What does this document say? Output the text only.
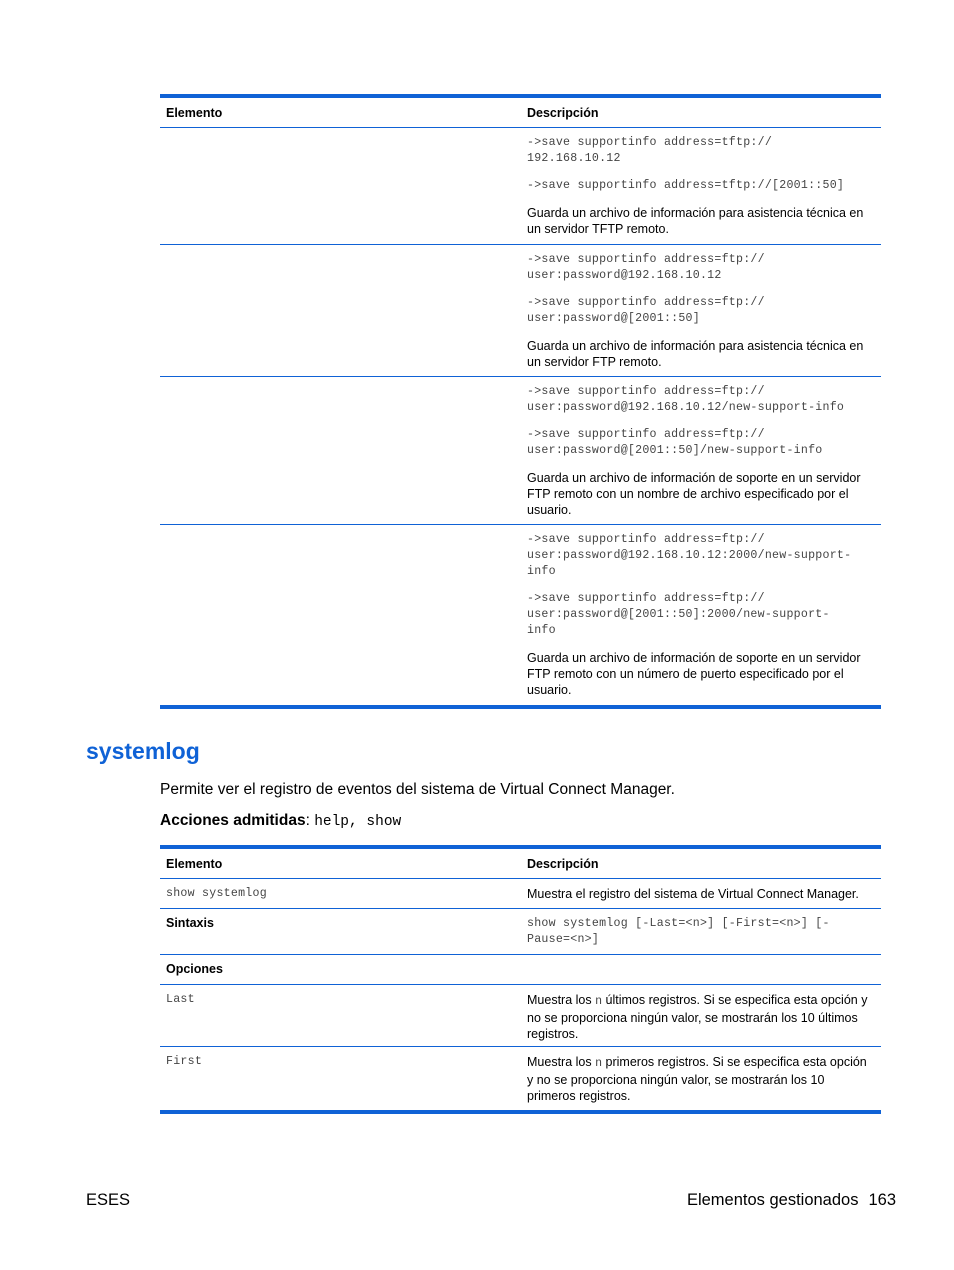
Elemento	Descripción

->save supportinfo address=tftp://
192.168.10.12

->save supportinfo address=tftp://[2001::50]

Guarda un archivo de información para asistencia técnica en un servidor TFTP remoto.

->save supportinfo address=ftp://
user:password@192.168.10.12

->save supportinfo address=ftp://
user:password@[2001::50]

Guarda un archivo de información para asistencia técnica en un servidor FTP remoto.

->save supportinfo address=ftp://
user:password@192.168.10.12/new-support-info

->save supportinfo address=ftp://
user:password@[2001::50]/new-support-info

Guarda un archivo de información de soporte en un servidor FTP remoto con un nombre de archivo especificado por el usuario.

->save supportinfo address=ftp://
user:password@192.168.10.12:2000/new-support-
info

->save supportinfo address=ftp://
user:password@[2001::50]:2000/new-support-
info

Guarda un archivo de información de soporte en un servidor FTP remoto con un número de puerto especificado por el usuario.

systemlog

Permite ver el registro de eventos del sistema de Virtual Connect Manager.

Acciones admitidas: help, show

Elemento	Descripción
show systemlog	Muestra el registro del sistema de Virtual Connect Manager.
Sintaxis	show systemlog [-Last=<n>] [-First=<n>] [-
Pause=<n>]
Opciones
Last	Muestra los n últimos registros. Si se especifica esta opción y no se proporciona ningún valor, se mostrarán los 10 últimos registros.
First	Muestra los n primeros registros. Si se especifica esta opción y no se proporciona ningún valor, se mostrarán los 10 primeros registros.
ESES	Elementos gestionados 163
